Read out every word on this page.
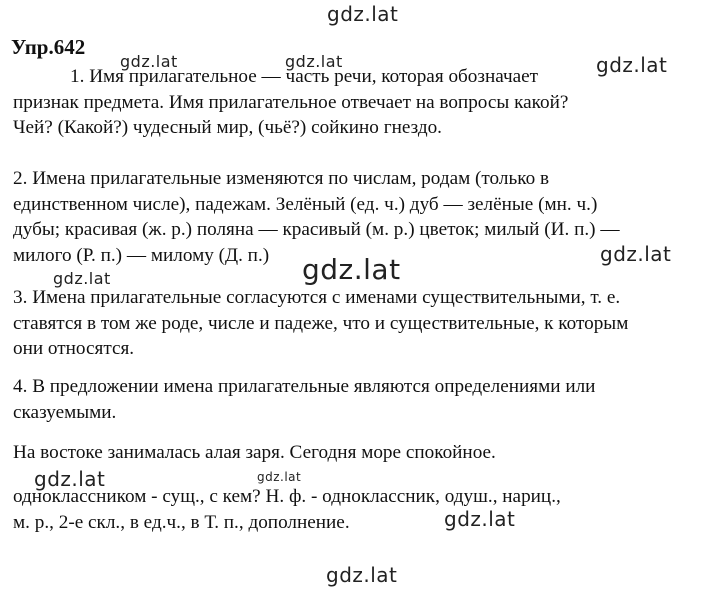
Упр.642
1. Имя прилагательное — часть речи, которая обозначает
признак предмета. Имя прилагательное отвечает на вопросы какой?
Чей? (Какой?) чудесный мир, (чьё?) сойкино гнездо.
2. Имена прилагательные изменяются по числам, родам (только в
единственном числе), падежам. Зелёный (ед. ч.) дуб — зелёные (мн. ч.)
дубы; красивая (ж. р.) поляна — красивый (м. р.) цветок; милый (И. п.) —
милого (Р. п.) — милому (Д. п.)
3. Имена прилагательные согласуются с именами существительными, т. е.
ставятся в том же роде, числе и падеже, что и существительные, к которым
они относятся.
4. В предложении имена прилагательные являются определениями или
сказуемыми.
На востоке занималась алая заря. Сегодня море спокойное.
одноклассником - сущ., с кем? Н. ф. - одноклассник, одуш., нариц.,
м. р., 2-е скл., в ед.ч., в Т. п., дополнение.
gdz.lat
gdz.lat	gdz.lat	gdz.lat
gdz.lat
gdz.lat	gdz.lat
gdz.lat	gdz.lat
gdz.lat
gdz.lat
